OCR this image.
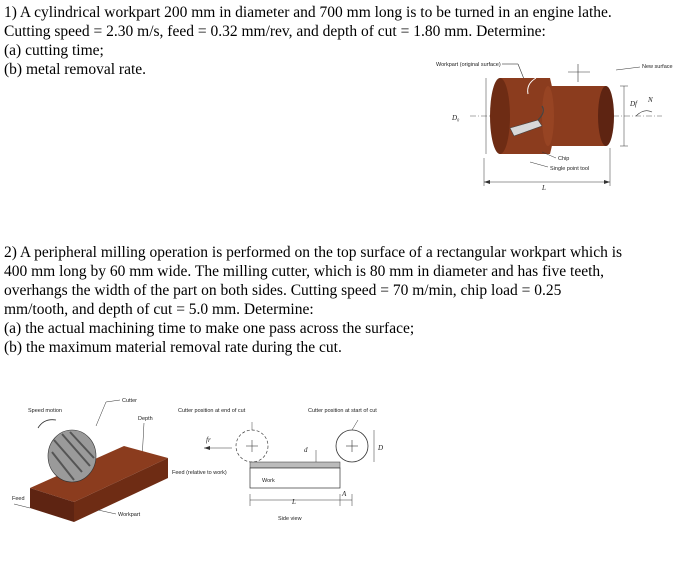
1) A cylindrical workpart 200 mm in diameter and 700 mm long is to be turned in an engine lathe.

Cutting speed = 2.30 m/s, feed = 0.32 mm/rev, and depth of cut = 1.80 mm. Determine:

(a) cutting time;

(b) metal removal rate.	Workpart (original surface)	New surface
D₀
Df N
Chip
Single point tool
L

2) A peripheral milling operation is performed on the top surface of a rectangular workpart which is

400 mm long by 60 mm wide. The milling cutter, which is 80 mm in diameter and has five teeth,

overhangs the width of the part on both sides. Cutting speed = 70 m/min, chip load = 0.25

mm/tooth, and depth of cut = 5.0 mm. Determine:

(a) the actual machining time to make one pass across the surface;

(b) the maximum material removal rate during the cut.

Speed motion
Cutter
Depth
Feed
Workpart
Cutter position at end of cut	Cutter position at start of cut
fr
D
d
Work
Feed (relative to work)
L
A
Side view
